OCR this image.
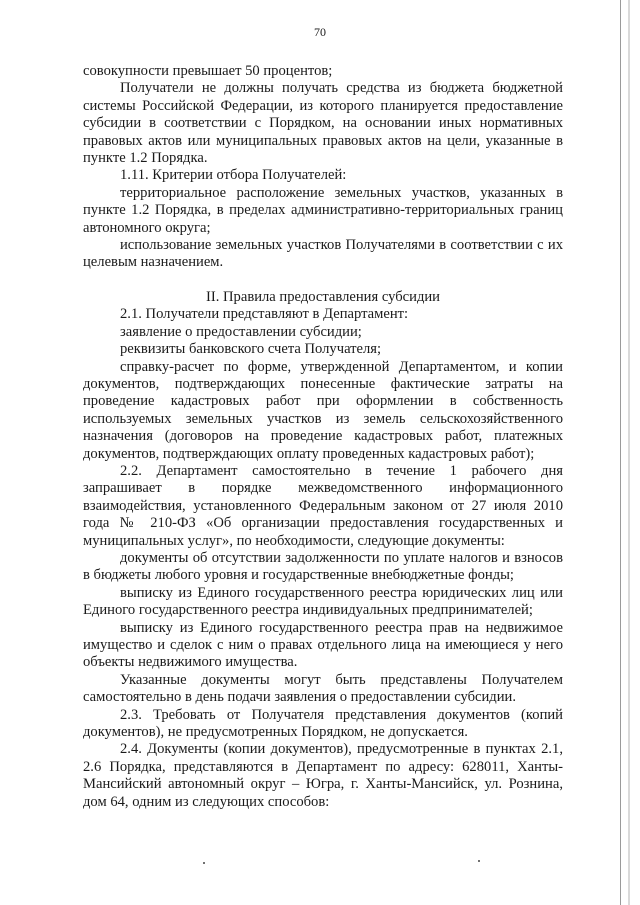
70

совокупности превышает 50 процентов;

Получатели не должны получать средства из бюджета бюджетной системы Российской Федерации, из которого планируется предоставление субсидии в соответствии с Порядком, на основании иных нормативных правовых актов или муниципальных правовых актов на цели, указанные в пункте 1.2 Порядка.

1.11. Критерии отбора Получателей:

территориальное расположение земельных участков, указанных в пункте 1.2 Порядка, в пределах административно-территориальных границ автономного округа;

использование земельных участков Получателями в соответствии с их целевым назначением.

II. Правила предоставления субсидии

2.1. Получатели представляют в Департамент:

заявление о предоставлении субсидии;

реквизиты банковского счета Получателя;

справку-расчет по форме, утвержденной Департаментом, и копии документов, подтверждающих понесенные фактические затраты на проведение кадастровых работ при оформлении в собственность используемых земельных участков из земель сельскохозяйственного назначения (договоров на проведение кадастровых работ, платежных документов, подтверждающих оплату проведенных кадастровых работ);

2.2. Департамент самостоятельно в течение 1 рабочего дня запрашивает в порядке межведомственного информационного взаимодействия, установленного Федеральным законом от 27 июля 2010 года № 210-ФЗ «Об организации предоставления государственных и муниципальных услуг», по необходимости, следующие документы:

документы об отсутствии задолженности по уплате налогов и взносов в бюджеты любого уровня и государственные внебюджетные фонды;

выписку из Единого государственного реестра юридических лиц или Единого государственного реестра индивидуальных предпринимателей;

выписку из Единого государственного реестра прав на недвижимое имущество и сделок с ним о правах отдельного лица на имеющиеся у него объекты недвижимого имущества.

Указанные документы могут быть представлены Получателем самостоятельно в день подачи заявления о предоставлении субсидии.

2.3. Требовать от Получателя представления документов (копий документов), не предусмотренных Порядком, не допускается.

2.4. Документы (копии документов), предусмотренные в пунктах 2.1, 2.6 Порядка, представляются в Департамент по адресу: 628011, Ханты-Мансийский автономный округ – Югра, г. Ханты-Мансийск, ул. Рознина, дом 64, одним из следующих способов:
